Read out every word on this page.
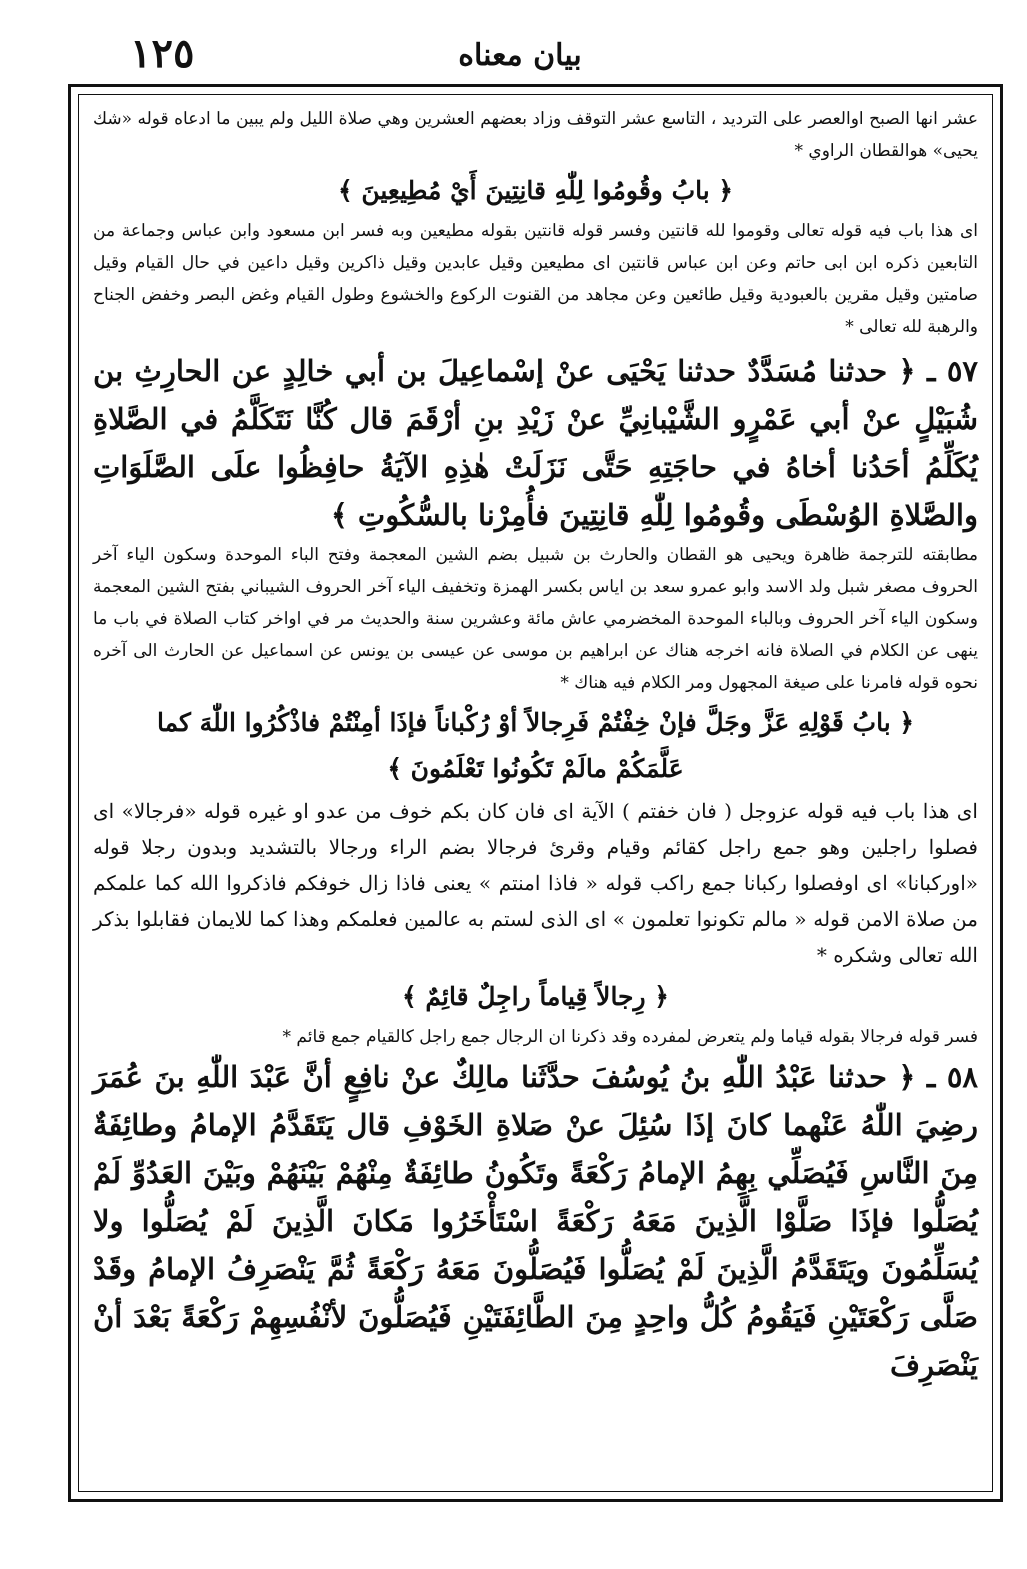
١٢٥	بيان معناه
عشر انها الصبح اوالعصر على الترديد ، التاسع عشر التوقف وزاد بعضهم العشرين وهي صلاة الليل ولم يبين ما ادعاه قوله «شك يحيى» هوالقطان الراوي *
﴿ بابُ وقُومُوا لِلّٰهِ قانِتِينَ أَيْ مُطِيعِينَ ﴾
اى هذا باب فيه قوله تعالى وقوموا لله قانتين وفسر قوله قانتين بقوله مطيعين وبه فسر ابن مسعود وابن عباس وجماعة من التابعين ذكره ابن ابى حاتم وعن ابن عباس قانتين اى مطيعين وقيل عابدين وقيل ذاكرين وقيل داعين في حال القيام وقيل صامتين وقيل مقرين بالعبودية وقيل طائعين وعن مجاهد من القنوت الركوع والخشوع وطول القيام وغض البصر وخفض الجناح والرهبة لله تعالى *
٥٧ ـ ﴿ حدثنا مُسَدَّدٌ حدثنا يَحْيَى عنْ إسْماعِيلَ بن أبي خالِدٍ عن الحارِثِ بن شُبَيْلٍ عنْ أبي عَمْرٍو الشَّيْبانِيِّ عنْ زَيْدِ بنِ أرْقَمَ قال كُنَّا نَتَكَلَّمُ في الصَّلاةِ يُكَلِّمُ أحَدُنا أخاهُ في حاجَتِهِ حَتَّى نَزَلَتْ هٰذِهِ الآيَةُ حافِظُوا علَى الصَّلَوَاتِ والصَّلاةِ الوُسْطَى وقُومُوا لِلّٰهِ قانِتِينَ فأُمِرْنا بالسُّكُوتِ ﴾
مطابقته للترجمة ظاهرة ويحيى هو القطان والحارث بن شبيل بضم الشين المعجمة وفتح الباء الموحدة وسكون الياء آخر الحروف مصغر شبل ولد الاسد وابو عمرو سعد بن اياس بكسر الهمزة وتخفيف الياء آخر الحروف الشيباني بفتح الشين المعجمة وسكون الياء آخر الحروف وبالباء الموحدة المخضرمي عاش مائة وعشرين سنة والحديث مر في اواخر كتاب الصلاة في باب ما ينهى عن الكلام في الصلاة فانه اخرجه هناك عن ابراهيم بن موسى عن عيسى بن يونس عن اسماعيل عن الحارث الى آخره نحوه قوله فامرنا على صيغة المجهول ومر الكلام فيه هناك *
﴿ بابُ قَوْلِهِ عَزَّ وجَلَّ فإنْ خِفْتُمْ فَرِجالاً أوْ رُكْباناً فإذَا أمِنْتُمْ فاذْكُرُوا اللّٰهَ كما
عَلَّمَكُمْ مالَمْ تَكُونُوا تَعْلَمُونَ ﴾
اى هذا باب فيه قوله عزوجل ( فان خفتم ) الآية اى فان كان بكم خوف من عدو او غيره قوله «فرجالا» اى فصلوا راجلين وهو جمع راجل كقائم وقيام وقرئ فرجالا بضم الراء ورجالا بالتشديد وبدون رجلا قوله «اوركبانا» اى اوفصلوا ركبانا جمع راكب قوله « فاذا امنتم » يعنى فاذا زال خوفكم فاذكروا الله كما علمكم من صلاة الامن قوله « مالم تكونوا تعلمون » اى الذى لستم به عالمين فعلمكم وهذا كما للايمان فقابلوا بذكر الله تعالى وشكره *
﴿ رِجالاً قِياماً راجِلٌ قائِمٌ ﴾
فسر قوله فرجالا بقوله قياما ولم يتعرض لمفرده وقد ذكرنا ان الرجال جمع راجل كالقيام جمع قائم *
٥٨ ـ ﴿ حدثنا عَبْدُ اللّٰهِ بنُ يُوسُفَ حدَّثَنا مالِكٌ عنْ نافِعٍ أنَّ عَبْدَ اللّٰهِ بنَ عُمَرَ رضِيَ اللّٰهُ عَنْهما كانَ إذَا سُئِلَ عنْ صَلاةِ الخَوْفِ قال يَتَقَدَّمُ الإمامُ وطائِفَةٌ مِنَ النَّاسِ فَيُصَلِّي بِهِمُ الإمامُ رَكْعَةً وتَكُونُ طائِفَةٌ مِنْهُمْ بَيْنَهُمْ وبَيْنَ العَدُوِّ لَمْ يُصَلُّوا فإذَا صَلَّوْا الَّذِينَ مَعَهُ رَكْعَةً اسْتَأْخَرُوا مَكانَ الَّذِينَ لَمْ يُصَلُّوا ولا يُسَلِّمُونَ ويَتَقَدَّمُ الَّذِينَ لَمْ يُصَلُّوا فَيُصَلُّونَ مَعَهُ رَكْعَةً ثُمَّ يَنْصَرِفُ الإمامُ وقَدْ صَلَّى رَكْعَتَيْنِ فَيَقُومُ كُلُّ واحِدٍ مِنَ الطَّائِفَتَيْنِ فَيُصَلُّونَ لأنْفُسِهِمْ رَكْعَةً بَعْدَ أنْ يَنْصَرِفَ
